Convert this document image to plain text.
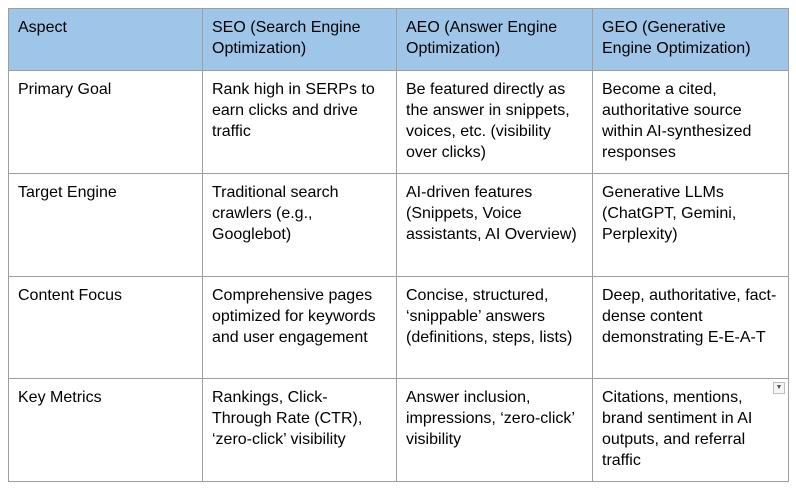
Aspect	SEO (Search Engine Optimization)	AEO (Answer Engine Optimization)	GEO (Generative Engine Optimization)
Primary Goal	Rank high in SERPs to earn clicks and drive traffic	Be featured directly as the answer in snippets, voices, etc. (visibility over clicks)	Become a cited, authoritative source within AI-synthesized responses
Target Engine	Traditional search crawlers (e.g., Googlebot)	AI-driven features (Snippets, Voice assistants, AI Overview)	Generative LLMs (ChatGPT, Gemini, Perplexity)
Content Focus	Comprehensive pages optimized for keywords and user engagement	Concise, structured, ‘snippable’ answers (definitions, steps, lists)	Deep, authoritative, fact-dense content demonstrating E-E-A-T
Key Metrics	Rankings, Click-Through Rate (CTR), ‘zero-click’ visibility	Answer inclusion, impressions, ‘zero-click’ visibility	Citations, mentions, brand sentiment in AI outputs, and referral traffic
▼
